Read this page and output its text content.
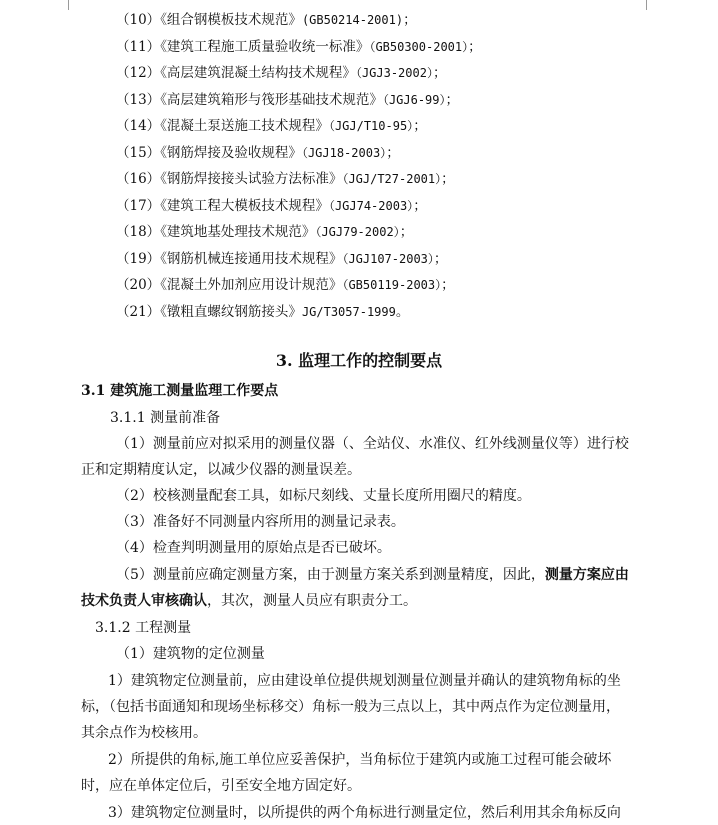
（10）《组合钢模板技术规范》(GB50214-2001)；
（11）《建筑工程施工质量验收统一标准》（GB50300-2001）；
（12）《高层建筑混凝土结构技术规程》（JGJ3-2002）；
（13）《高层建筑箱形与筏形基础技术规范》（JGJ6-99）；
（14）《混凝土泵送施工技术规程》（JGJ/T10-95）；
（15）《钢筋焊接及验收规程》（JGJ18-2003）；
（16）《钢筋焊接接头试验方法标准》（JGJ/T27-2001）；
（17）《建筑工程大模板技术规程》（JGJ74-2003）；
（18）《建筑地基处理技术规范》（JGJ79-2002）；
（19）《钢筋机械连接通用技术规程》（JGJ107-2003）；
（20）《混凝土外加剂应用设计规范》（GB50119-2003）；
（21）《镦粗直螺纹钢筋接头》JG/T3057-1999。
3. 监理工作的控制要点
3.1 建筑施工测量监理工作要点
3.1.1 测量前准备
（1）测量前应对拟采用的测量仪器（、全站仪、水准仪、红外线测量仪等）进行校
正和定期精度认定，以减少仪器的测量误差。
（2）校核测量配套工具，如标尺刻线、丈量长度所用圈尺的精度。
（3）准备好不同测量内容所用的测量记录表。
（4）检查判明测量用的原始点是否已破坏。
（5）测量前应确定测量方案，由于测量方案关系到测量精度，因此，测量方案应由
技术负责人审核确认，其次，测量人员应有职责分工。
3.1.2 工程测量
（1）建筑物的定位测量
1）建筑物定位测量前，应由建设单位提供规划测量位测量并确认的建筑物角标的坐
标，（包括书面通知和现场坐标移交）角标一般为三点以上，其中两点作为定位测量用，
其余点作为校核用。
2）所提供的角标,施工单位应妥善保护，当角标位于建筑内或施工过程可能会破坏
时，应在单体定位后，引至安全地方固定好。
3）建筑物定位测量时，以所提供的两个角标进行测量定位，然后利用其余角标反向
